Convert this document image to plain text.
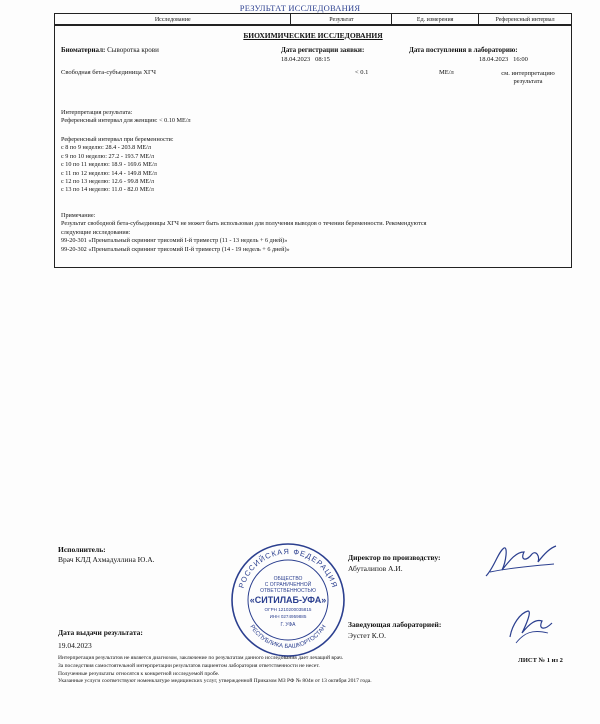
РЕЗУЛЬТАТ ИССЛЕДОВАНИЯ
Исследование	Результат	Ед. измерения	Референсный интервал
БИОХИМИЧЕСКИЕ ИССЛЕДОВАНИЯ
Биоматериал: Сыворотка крови	Дата регистрации заявки:
18.04.2023   08:15
Дата поступления в лабораторию:
18.04.2023   16:00
Свободная бета-субъединица ХГЧ	< 0.1	МЕ/л	см. интерпретацию
результата
Интерпретация результата:
Референсный интервал для женщин: < 0.10 МЕ/л
Референсный интервал при беременности:
с 8 по 9 неделю: 28.4 - 203.8 МЕ/л
с 9 по 10 неделю: 27.2 - 193.7 МЕ/л
с 10 по 11 неделю: 18.9 - 169.6 МЕ/л
с 11 по 12 неделю: 14.4 - 149.8 МЕ/л
с 12 по 13 неделю: 12.6 - 99.8 МЕ/л
с 13 по 14 неделю: 11.0 - 82.0 МЕ/л
Примечание:
Результат свободной бета-субъединицы ХГЧ не может быть использован для получения выводов о течении беременности. Рекомендуются
следующие исследования:
99-20-301 «Пренатальный скрининг трисомий I-й триместр (11 - 13 недель + 6 дней)»
99-20-302 «Пренатальный скрининг трисомий II-й триместр (14 - 19 недель + 6 дней)»
Исполнитель:
Врач КЛД Ахмадуллина Ю.А.	Директор по производству:
Абуталипов А.И.
РОССИЙСКАЯ ФЕДЕРАЦИЯ
РЕСПУБЛИКА БАШКОРТОСТАН
ОБЩЕСТВО
С ОГРАНИЧЕННОЙ
ОТВЕТСТВЕННОСТЬЮ
«СИТИЛАБ-УФА»
ОГРН 1210200035815
ИНН 0274959885
Г. УФА	Заведующая лабораторией:
Эустет К.О.
Дата выдачи результата:
19.04.2023
ЛИСТ № 1 из 2
Интерпретация результатов не является диагнозом, заключение по результатам данного исследования дает лечащий врач.
За последствия самостоятельной интерпретации результатов пациентом лаборатория ответственности не несет.
Полученные результаты относятся к конкретной исследуемой пробе.
Указанные услуги соответствуют номенклатуре медицинских услуг, утвержденной Приказом МЗ РФ № 804н от 13 октября 2017 года.
